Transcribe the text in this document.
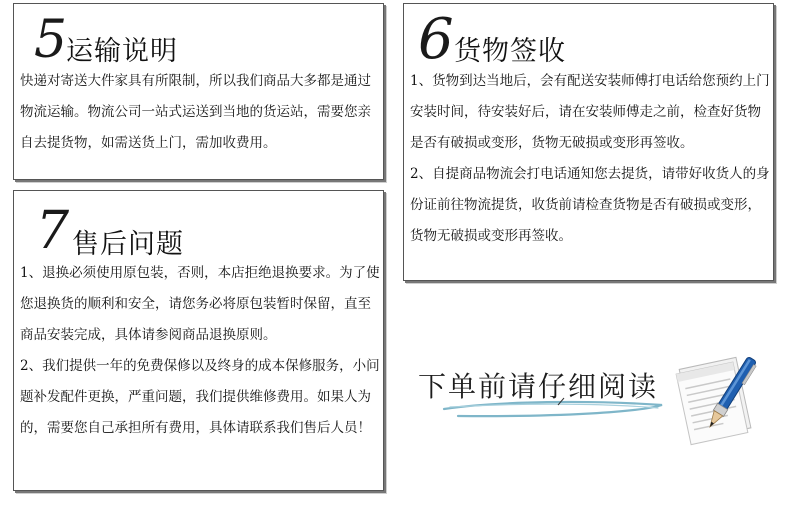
5
运输说明

快递对寄送大件家具有所限制，所以我们商品大多都是通过物流运输。物流公司一站式运送到当地的货运站，需要您亲自去提货物，如需送货上门，需加收费用。

7 售后问题

1、退换必须使用原包装，否则，本店拒绝退换要求。为了使您退换货的顺利和安全，请您务必将原包装暂时保留，直至商品安装完成，具体请参阅商品退换原则。

2、我们提供一年的免费保修以及终身的成本保修服务，小问题补发配件更换，严重问题，我们提供维修费用。如果人为的，需要您自己承担所有费用，具体请联系我们售后人员！

6 货物签收

1、货物到达当地后，会有配送安装师傅打电话给您预约上门安装时间，待安装好后，请在安装师傅走之前，检查好货物是否有破损或变形，货物无破损或变形再签收。

2、自提商品物流会打电话通知您去提货，请带好收货人的身份证前往物流提货，收货前请检查货物是否有破损或变形，货物无破损或变形再签收。

下单前请仔细阅读
